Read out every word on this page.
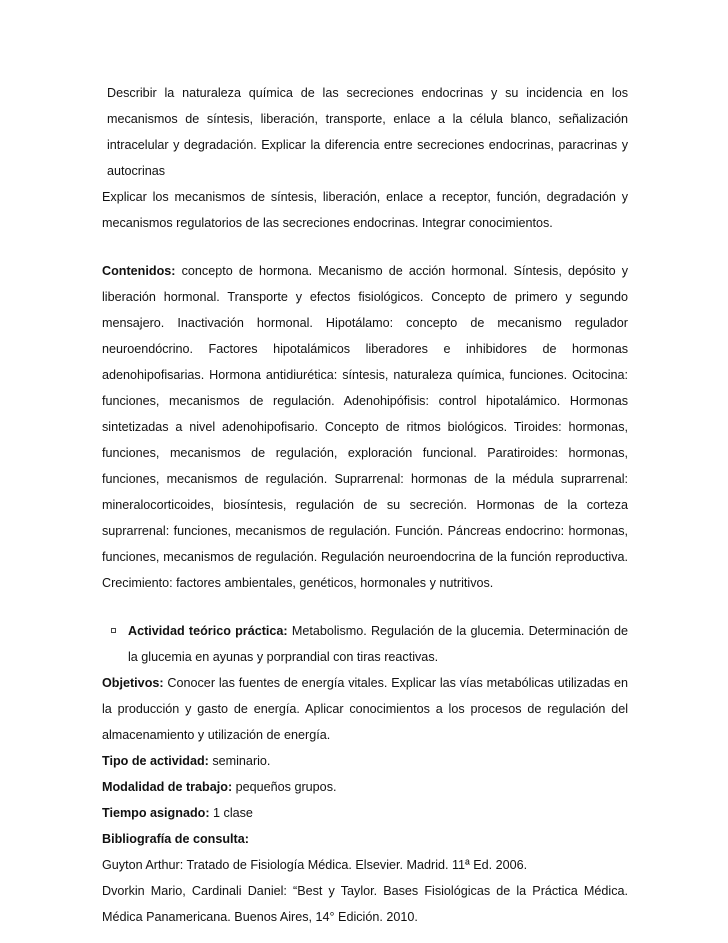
Describir la naturaleza química de las secreciones endocrinas y su incidencia en los mecanismos de síntesis, liberación, transporte, enlace a la célula blanco, señalización intracelular y degradación. Explicar la diferencia entre secreciones endocrinas, paracrinas y autocrinas

Explicar los mecanismos de síntesis, liberación, enlace a receptor, función, degradación y mecanismos regulatorios de las secreciones endocrinas. Integrar conocimientos.

Contenidos: concepto de hormona. Mecanismo de acción hormonal. Síntesis, depósito y liberación hormonal. Transporte y efectos fisiológicos. Concepto de primero y segundo mensajero. Inactivación hormonal. Hipotálamo: concepto de mecanismo regulador neuroendócrino. Factores hipotalámicos liberadores e inhibidores de hormonas adenohipofisarias. Hormona antidiurética: síntesis, naturaleza química, funciones. Ocitocina: funciones, mecanismos de regulación. Adenohipófisis: control hipotalámico. Hormonas sintetizadas a nivel adenohipofisario. Concepto de ritmos biológicos. Tiroides: hormonas, funciones, mecanismos de regulación, exploración funcional. Paratiroides: hormonas, funciones, mecanismos de regulación. Suprarrenal: hormonas de la médula suprarrenal: mineralocorticoides, biosíntesis, regulación de su secreción. Hormonas de la corteza suprarrenal: funciones, mecanismos de regulación. Función. Páncreas endocrino: hormonas, funciones, mecanismos de regulación. Regulación neuroendocrina de la función reproductiva. Crecimiento: factores ambientales, genéticos, hormonales y nutritivos.

Actividad teórico práctica: Metabolismo. Regulación de la glucemia. Determinación de la glucemia en ayunas y porprandial con tiras reactivas.

Objetivos: Conocer las fuentes de energía vitales. Explicar las vías metabólicas utilizadas en la producción y gasto de energía. Aplicar conocimientos a los procesos de regulación del almacenamiento y utilización de energía.

Tipo de actividad: seminario.

Modalidad de trabajo: pequeños grupos.

Tiempo asignado: 1 clase

Bibliografía de consulta:

Guyton Arthur: Tratado de Fisiología Médica. Elsevier. Madrid. 11ª Ed. 2006.

Dvorkin Mario, Cardinali Daniel: “Best y Taylor. Bases Fisiológicas de la Práctica Médica. Médica Panamericana. Buenos Aires, 14° Edición. 2010.
